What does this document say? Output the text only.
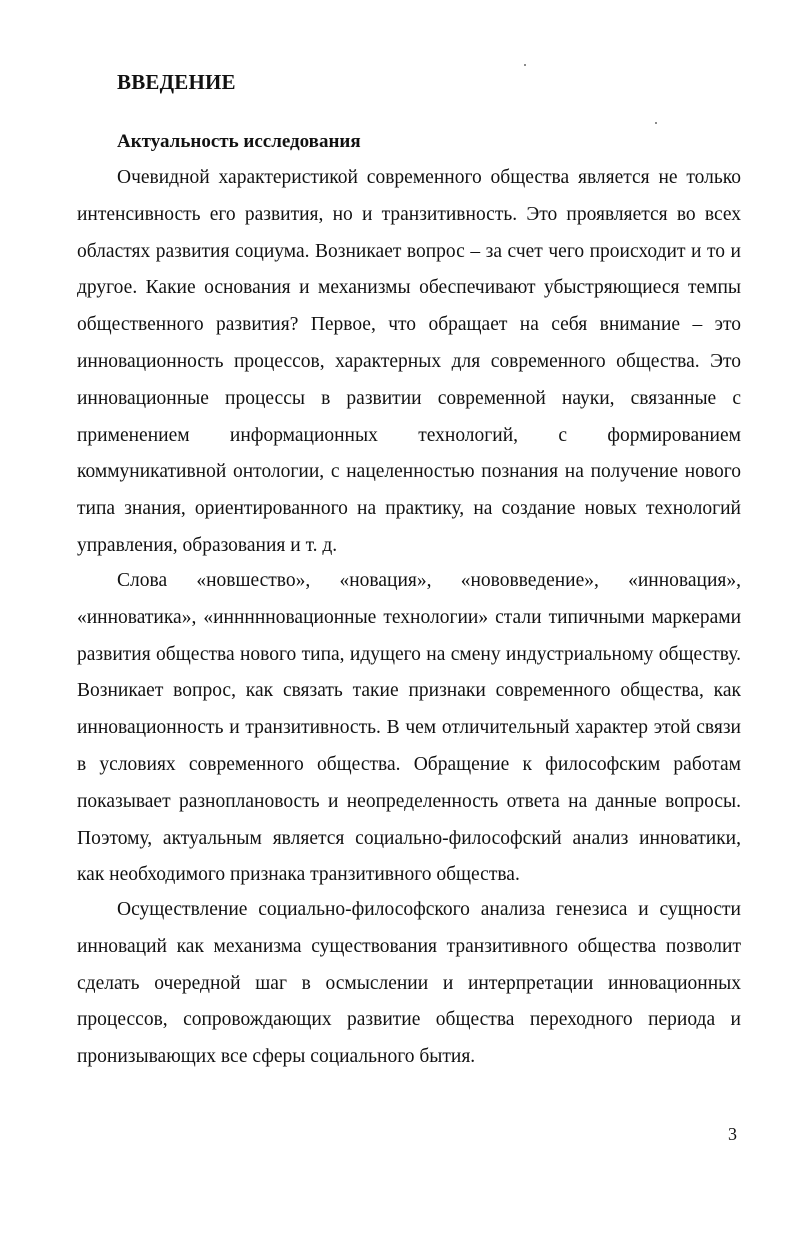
ВВЕДЕНИЕ
Актуальность исследования

Очевидной характеристикой современного общества является не только интенсивность его развития, но и транзитивность. Это проявляется во всех областях развития социума. Возникает вопрос – за счет чего происходит и то и другое. Какие основания и механизмы обеспечивают убыстряющиеся темпы общественного развития? Первое, что обращает на себя внимание – это инновационность процессов, характерных для современного общества. Это инновационные процессы в развитии современной науки, связанные с применением информационных технологий, с формированием коммуникативной онтологии, с нацеленностью познания на получение нового типа знания, ориентированного на практику, на создание новых технологий управления, образования и т. д.

Слова «новшество», «новация», «нововведение», «инновация», «инноватика», «иннннновационные технологии» стали типичными маркерами развития общества нового типа, идущего на смену индустриальному обществу. Возникает вопрос, как связать такие признаки современного общества, как инновационность и транзитивность. В чем отличительный характер этой связи в условиях современного общества. Обращение к философским работам показывает разноплановость и неопределенность ответа на данные вопросы. Поэтому, актуальным является социально-философский анализ инноватики, как необходимого признака транзитивного общества.

Осуществление социально-философского анализа генезиса и сущности инноваций как механизма существования транзитивного общества позволит сделать очередной шаг в осмыслении и интерпретации инновационных процессов, сопровождающих развитие общества переходного периода и пронизывающих все сферы социального бытия.

3
